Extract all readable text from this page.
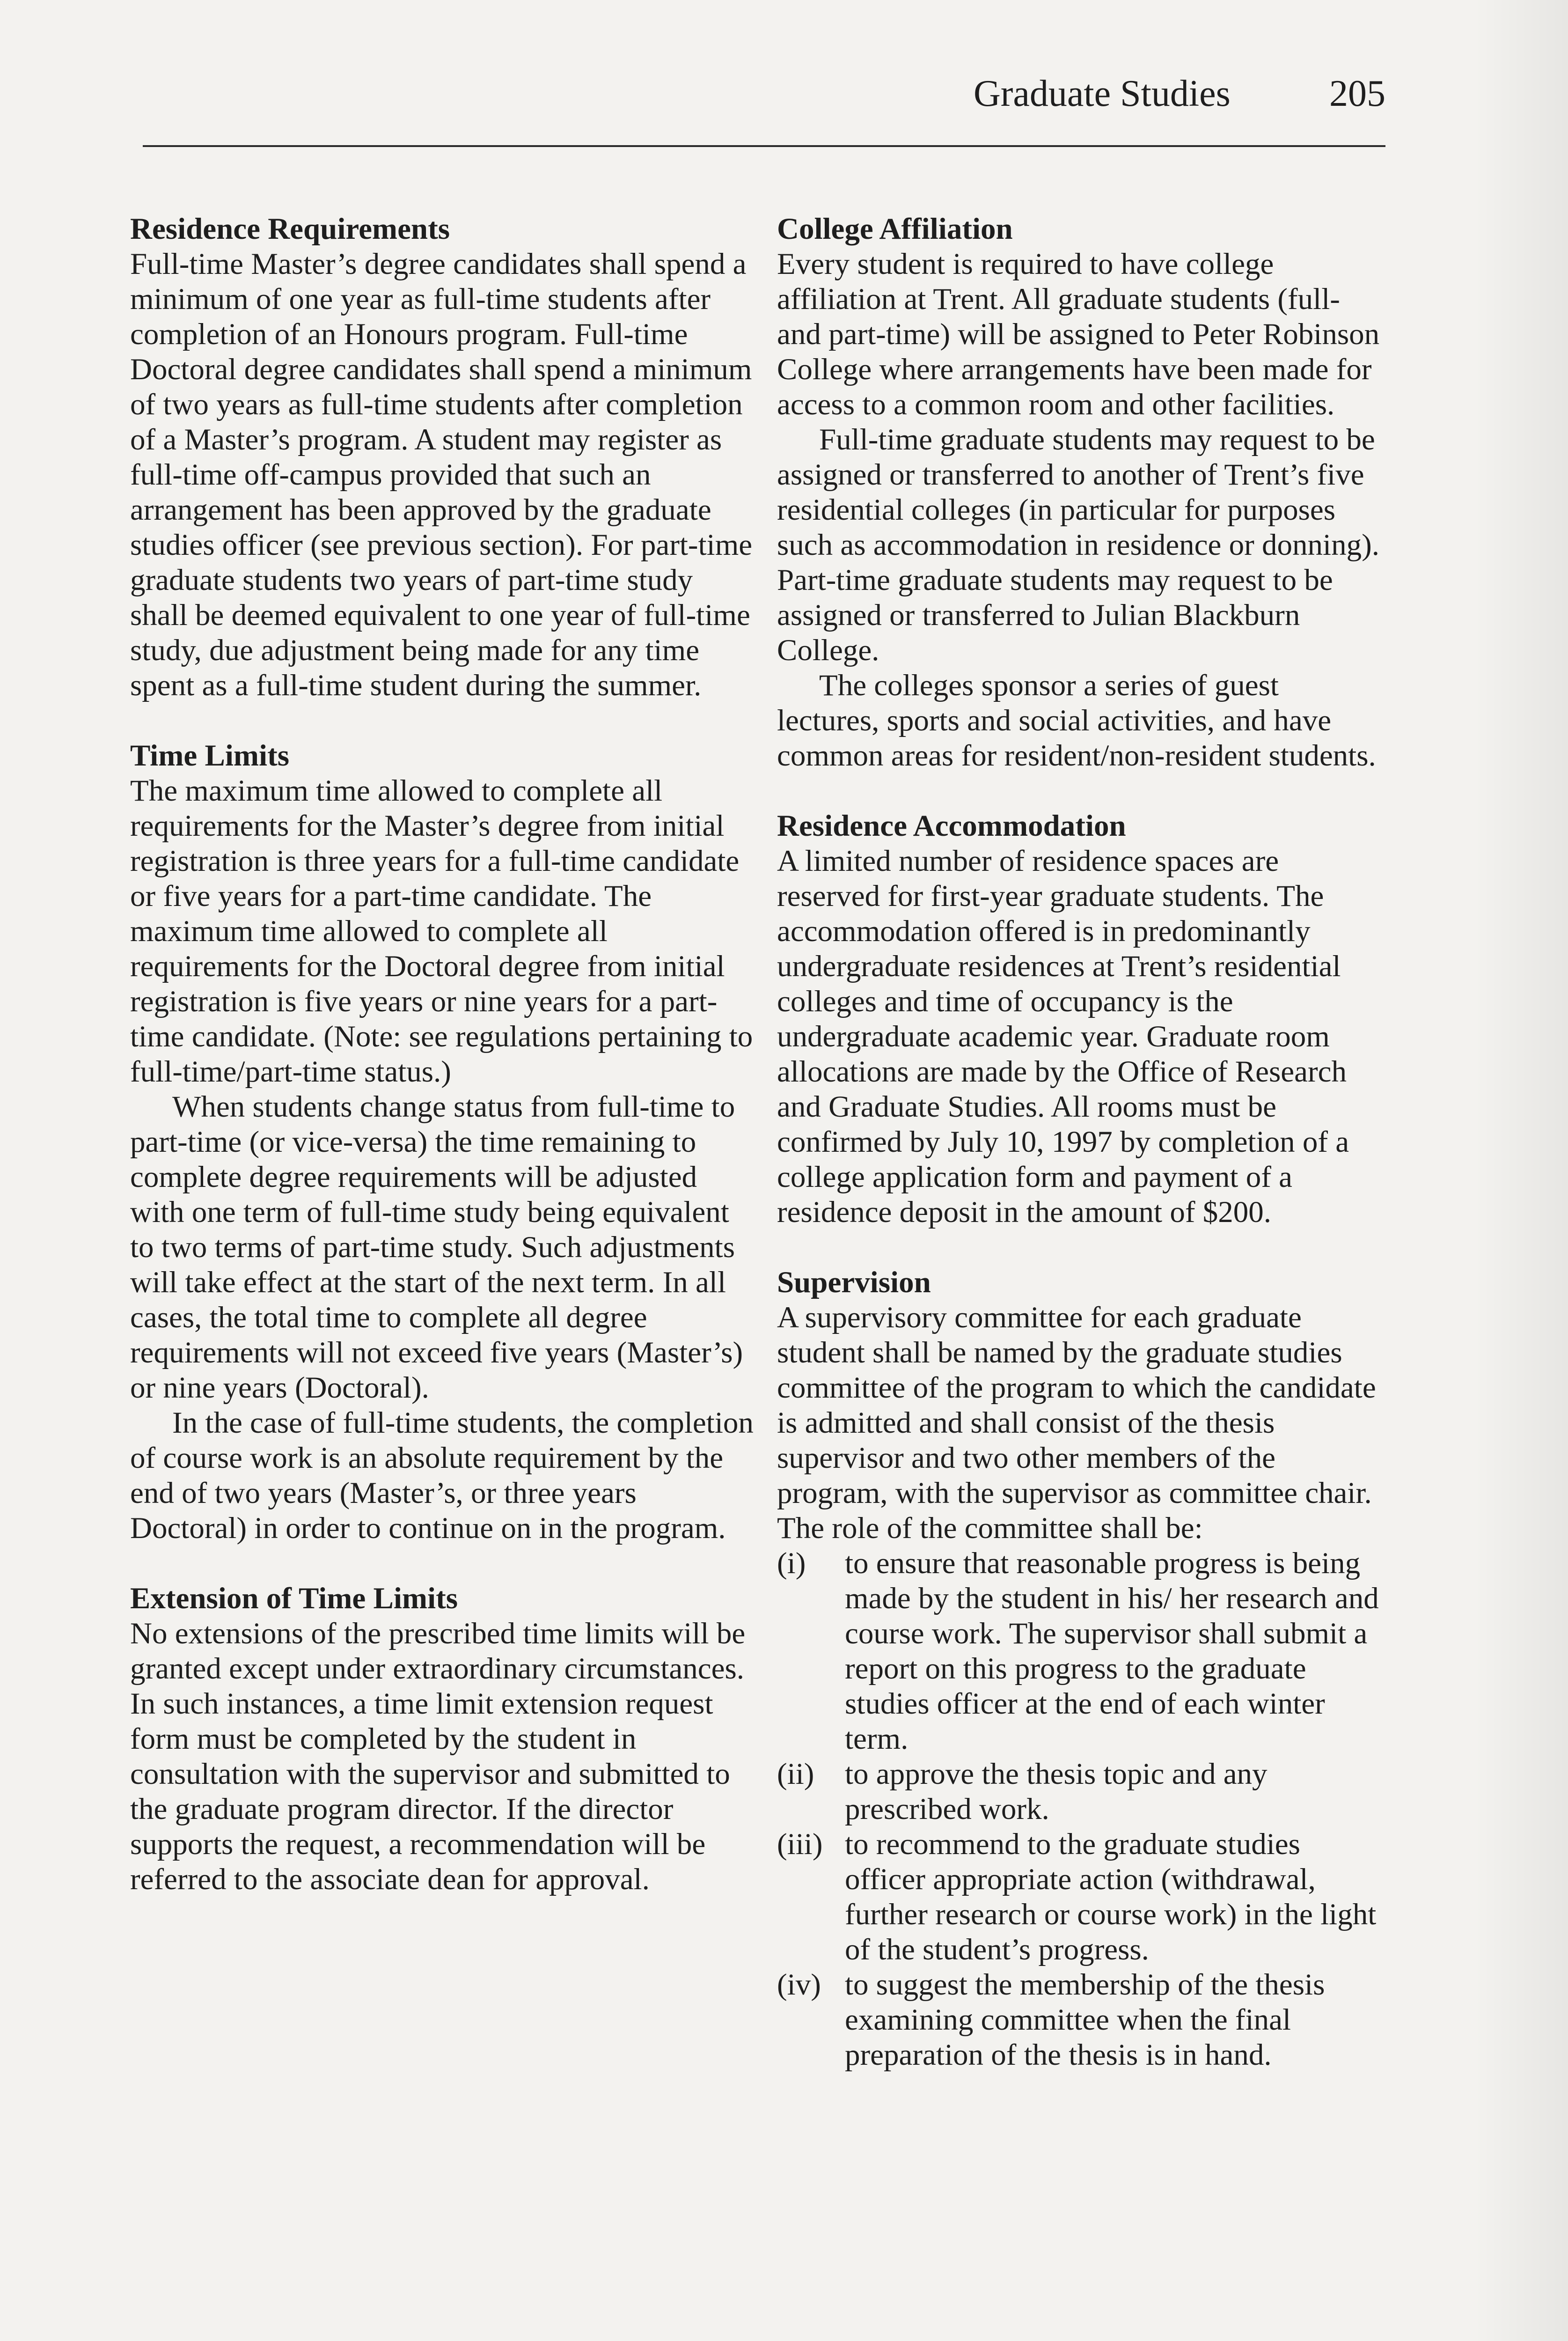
Graduate Studies	205
Residence Requirements

Full-time Master’s degree candidates shall spend a minimum of one year as full-time students after completion of an Honours program. Full-time Doctoral degree candidates shall spend a minimum of two years as full-time students after completion of a Master’s program. A student may register as full-time off-campus provided that such an arrangement has been approved by the graduate studies officer (see previous section). For part-time graduate students two years of part-time study shall be deemed equivalent to one year of full-time study, due adjustment being made for any time spent as a full-time student during the summer.

Time Limits

The maximum time allowed to complete all requirements for the Master’s degree from initial registration is three years for a full-time candidate or five years for a part-time candidate. The maximum time allowed to complete all requirements for the Doctoral degree from initial registration is five years or nine years for a part-time candidate. (Note: see regulations pertaining to full-time/part-time status.)

When students change status from full-time to part-time (or vice-versa) the time remaining to complete degree requirements will be adjusted with one term of full-time study being equivalent to two terms of part-time study. Such adjustments will take effect at the start of the next term. In all cases, the total time to complete all degree requirements will not exceed five years (Master’s) or nine years (Doctoral).

In the case of full-time students, the completion of course work is an absolute requirement by the end of two years (Master’s, or three years Doctoral) in order to continue on in the program.

Extension of Time Limits

No extensions of the prescribed time limits will be granted except under extraordinary circumstances. In such instances, a time limit extension request form must be completed by the student in consultation with the supervisor and submitted to the graduate program director. If the director supports the request, a recommendation will be referred to the associate dean for approval.

College Affiliation

Every student is required to have college affiliation at Trent. All graduate students (full- and part-time) will be assigned to Peter Robinson College where arrangements have been made for access to a common room and other facilities.

Full-time graduate students may request to be assigned or transferred to another of Trent’s five residential colleges (in particular for purposes such as accommodation in residence or donning). Part-time graduate students may request to be assigned or transferred to Julian Blackburn College.

The colleges sponsor a series of guest lectures, sports and social activities, and have common areas for resident/non-resident students.

Residence Accommodation

A limited number of residence spaces are reserved for first-year graduate students. The accommodation offered is in predominantly undergraduate residences at Trent’s residential colleges and time of occupancy is the undergraduate academic year. Graduate room allocations are made by the Office of Research and Graduate Studies. All rooms must be confirmed by July 10, 1997 by completion of a college application form and payment of a residence deposit in the amount of $200.

Supervision

A supervisory committee for each graduate student shall be named by the graduate studies committee of the program to which the candidate is admitted and shall consist of the thesis supervisor and two other members of the program, with the supervisor as committee chair.

The role of the committee shall be:

(i)	to ensure that reasonable progress is being made by the student in his/ her research and course work. The supervisor shall submit a report on this progress to the graduate studies officer at the end of each winter term.
(ii)	to approve the thesis topic and any prescribed work.
(iii) to recommend to the graduate studies officer appropriate action (withdrawal, further research or course work) in the light of the student’s progress.
(iv) to suggest the membership of the thesis examining committee when the final preparation of the thesis is in hand.
